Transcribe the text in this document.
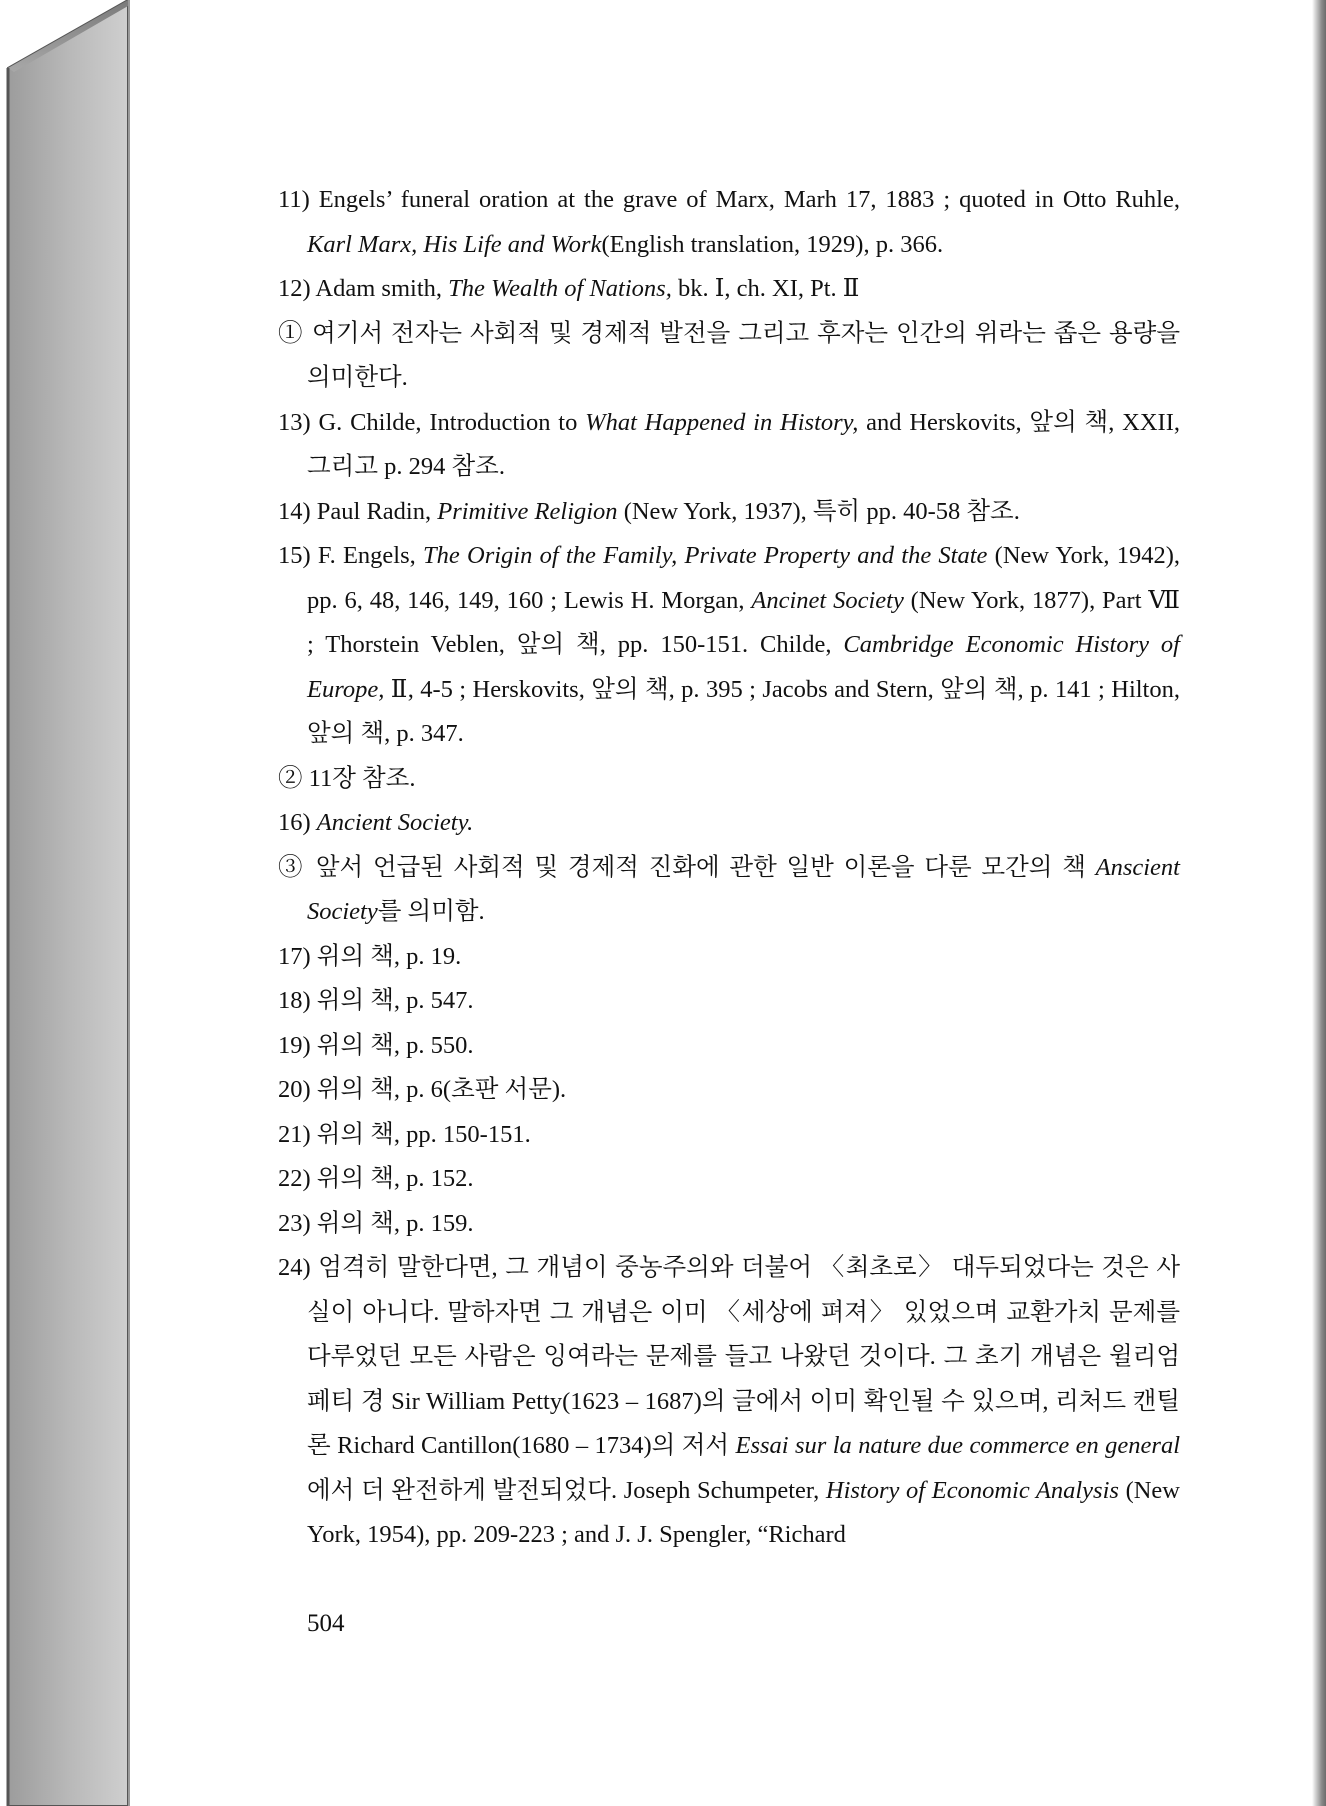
11) Engels’ funeral oration at the grave of Marx, Marh 17, 1883 ; quoted in Otto Ruhle, Karl Marx, His Life and Work(English translation, 1929), p. 366.

12) Adam smith, The Wealth of Nations, bk. Ⅰ, ch. XI, Pt. Ⅱ

① 여기서 전자는 사회적 및 경제적 발전을 그리고 후자는 인간의 위라는 좁은 용량을 의미한다.

13) G. Childe, Introduction to What Happened in History, and Herskovits, 앞의 책, XXII, 그리고 p. 294 참조.

14) Paul Radin, Primitive Religion (New York, 1937), 특히 pp. 40-58 참조.

15) F. Engels, The Origin of the Family, Private Property and the State (New York, 1942), pp. 6, 48, 146, 149, 160 ; Lewis H. Morgan, Ancinet Society (New York, 1877), Part Ⅶ ; Thorstein Veblen, 앞의 책, pp. 150-151. Childe, Cambridge Economic History of Europe, Ⅱ, 4-5 ; Herskovits, 앞의 책, p. 395 ; Jacobs and Stern, 앞의 책, p. 141 ; Hilton, 앞의 책, p. 347.

② 11장 참조.

16) Ancient Society.

③ 앞서 언급된 사회적 및 경제적 진화에 관한 일반 이론을 다룬 모간의 책 Anscient Society를 의미함.

17) 위의 책, p. 19.

18) 위의 책, p. 547.

19) 위의 책, p. 550.

20) 위의 책, p. 6(초판 서문).

21) 위의 책, pp. 150-151.

22) 위의 책, p. 152.

23) 위의 책, p. 159.

24) 엄격히 말한다면, 그 개념이 중농주의와 더불어 〈최초로〉 대두되었다는 것은 사실이 아니다. 말하자면 그 개념은 이미 〈세상에 펴져〉 있었으며 교환가치 문제를 다루었던 모든 사람은 잉여라는 문제를 들고 나왔던 것이다. 그 초기 개념은 윌리엄 페티 경 Sir William Petty(1623 – 1687)의 글에서 이미 확인될 수 있으며, 리처드 캔틸론 Richard Cantillon(1680 – 1734)의 저서 Essai sur la nature due commerce en general에서 더 완전하게 발전되었다. Joseph Schumpeter, History of Economic Analysis (New York, 1954), pp. 209-223 ; and J. J. Spengler, “Richard

504
